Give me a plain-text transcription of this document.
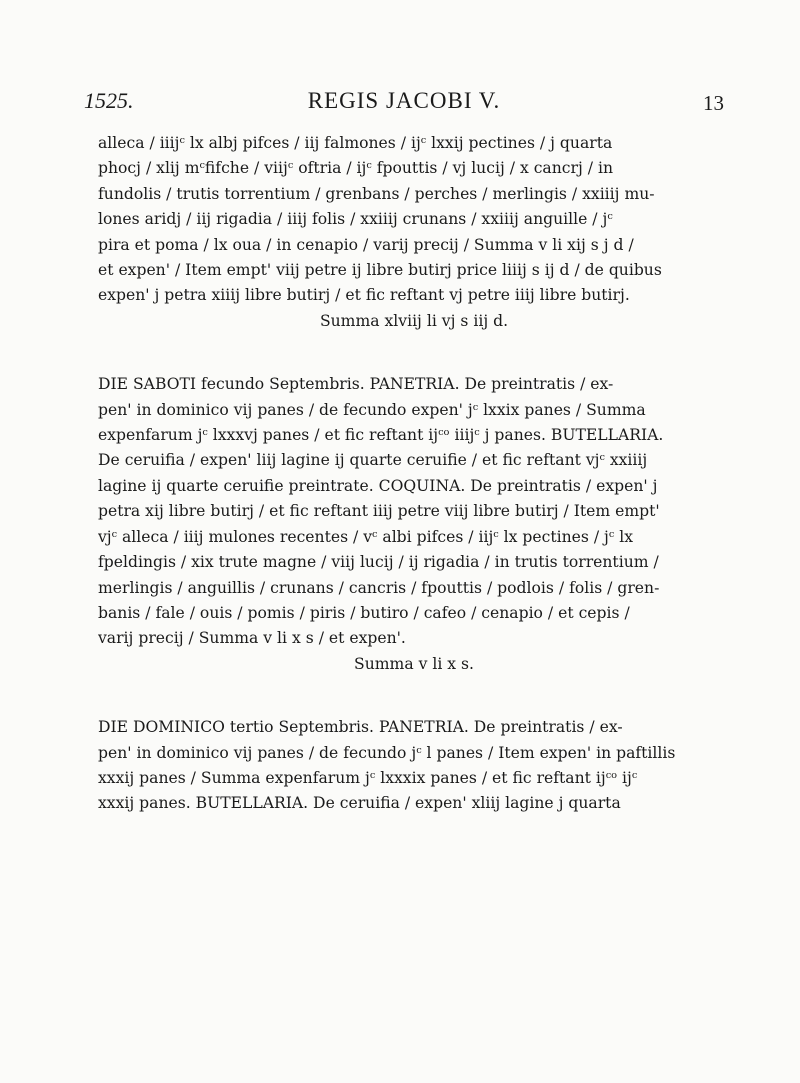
1525.	REGIS JACOBI V.	13
alleca / iiijᶜ lx albj pifces / iij falmones / ijᶜ lxxij pectines / j quarta
phocj / xlij mᶜfifche / viijᶜ oftria / ijᶜ fpouttis / vj lucij / x cancrj / in
fundolis / trutis torrentium / grenbans / perches / merlingis / xxiiij mu-
lones aridj / iij rigadia / iiij folis / xxiiij crunans / xxiiij anguille / jᶜ
pira et poma / lx oua / in cenapio / varij precij / Summa v li xij s j d /
et expen' / Item empt' viij petre ij libre butirj price liiij s ij d / de quibus
expen' j petra xiiij libre butirj / et fic reftant vj petre iiij libre butirj.
Summa xlviij li vj s iij d.
DIE SABOTI fecundo Septembris. PANETRIA. De preintratis / ex-
pen' in dominico vij panes / de fecundo expen' jᶜ lxxix panes / Summa
expenfarum jᶜ lxxxvj panes / et fic reftant ijᶜᵒ iiijᶜ j panes. BUTELLARIA.
De ceruifia / expen' liij lagine ij quarte ceruifie / et fic reftant vjᶜ xxiiij
lagine ij quarte ceruifie preintrate. COQUINA. De preintratis / expen' j
petra xij libre butirj / et fic reftant iiij petre viij libre butirj / Item empt'
vjᶜ alleca / iiij mulones recentes / vᶜ albi pifces / iijᶜ lx pectines / jᶜ lx
fpeldingis / xix trute magne / viij lucij / ij rigadia / in trutis torrentium /
merlingis / anguillis / crunans / cancris / fpouttis / podlois / folis / gren-
banis / fale / ouis / pomis / piris / butiro / cafeo / cenapio / et cepis /
varij precij / Summa v li x s / et expen'.
Summa v li x s.
DIE DOMINICO tertio Septembris. PANETRIA. De preintratis / ex-
pen' in dominico vij panes / de fecundo jᶜ l panes / Item expen' in paftillis
xxxij panes / Summa expenfarum jᶜ lxxxix panes / et fic reftant ijᶜᵒ ijᶜ
xxxij panes. BUTELLARIA. De ceruifia / expen' xliij lagine j quarta
